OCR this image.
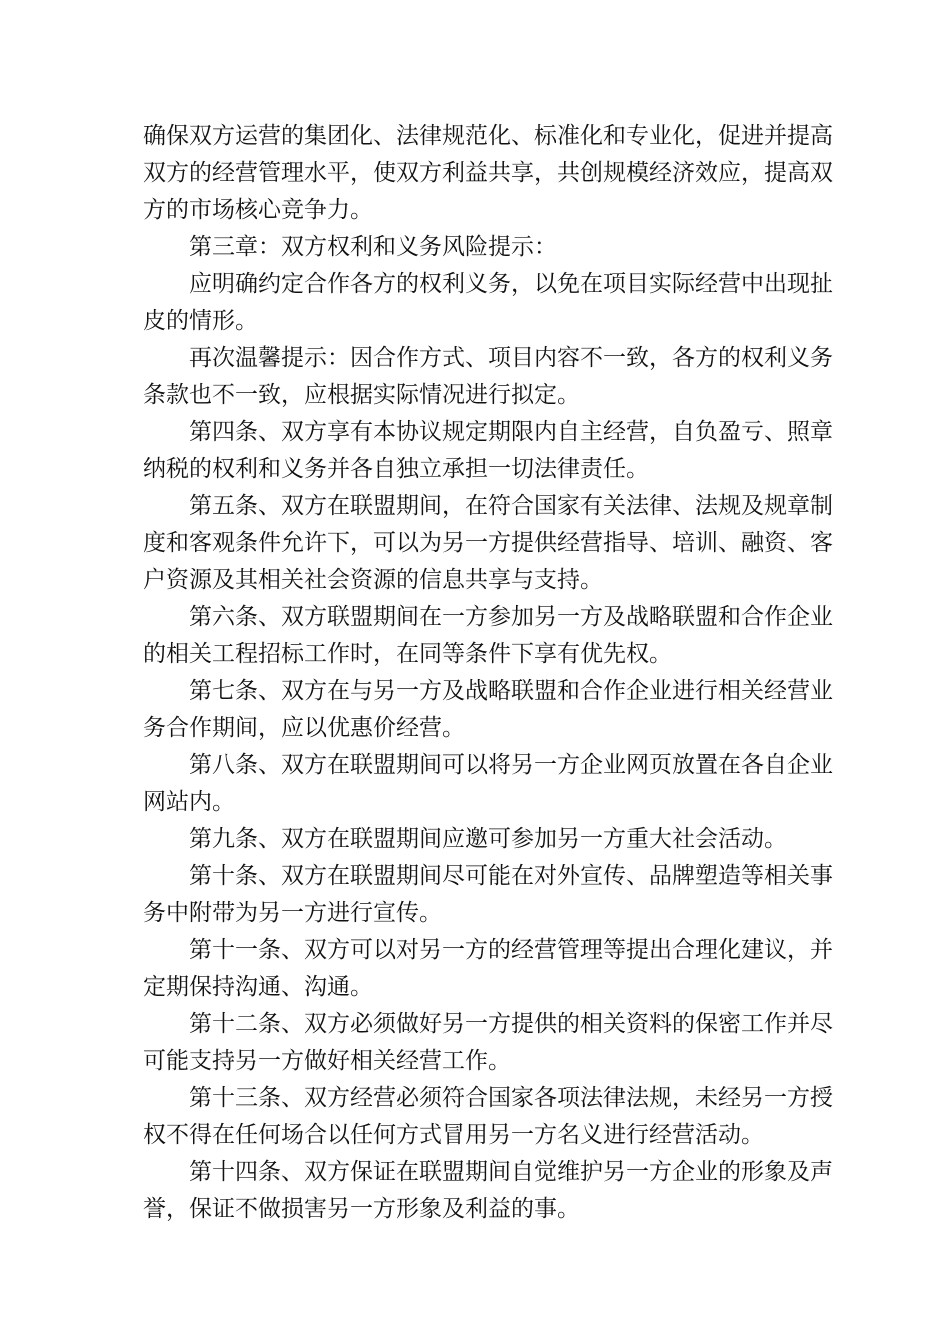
确保双方运营的集团化、法律规范化、标准化和专业化，促进并提高双方的经营管理水平，使双方利益共享，共创规模经济效应，提高双方的市场核心竞争力。

第三章：双方权利和义务风险提示：

应明确约定合作各方的权利义务，以免在项目实际经营中出现扯皮的情形。

再次温馨提示：因合作方式、项目内容不一致，各方的权利义务条款也不一致，应根据实际情况进行拟定。

第四条、双方享有本协议规定期限内自主经营，自负盈亏、照章纳税的权利和义务并各自独立承担一切法律责任。

第五条、双方在联盟期间，在符合国家有关法律、法规及规章制度和客观条件允许下，可以为另一方提供经营指导、培训、融资、客户资源及其相关社会资源的信息共享与支持。

第六条、双方联盟期间在一方参加另一方及战略联盟和合作企业的相关工程招标工作时，在同等条件下享有优先权。

第七条、双方在与另一方及战略联盟和合作企业进行相关经营业务合作期间，应以优惠价经营。

第八条、双方在联盟期间可以将另一方企业网页放置在各自企业网站内。

第九条、双方在联盟期间应邀可参加另一方重大社会活动。

第十条、双方在联盟期间尽可能在对外宣传、品牌塑造等相关事务中附带为另一方进行宣传。

第十一条、双方可以对另一方的经营管理等提出合理化建议，并定期保持沟通、沟通。

第十二条、双方必须做好另一方提供的相关资料的保密工作并尽可能支持另一方做好相关经营工作。

第十三条、双方经营必须符合国家各项法律法规，未经另一方授权不得在任何场合以任何方式冒用另一方名义进行经营活动。

第十四条、双方保证在联盟期间自觉维护另一方企业的形象及声誉，保证不做损害另一方形象及利益的事。
